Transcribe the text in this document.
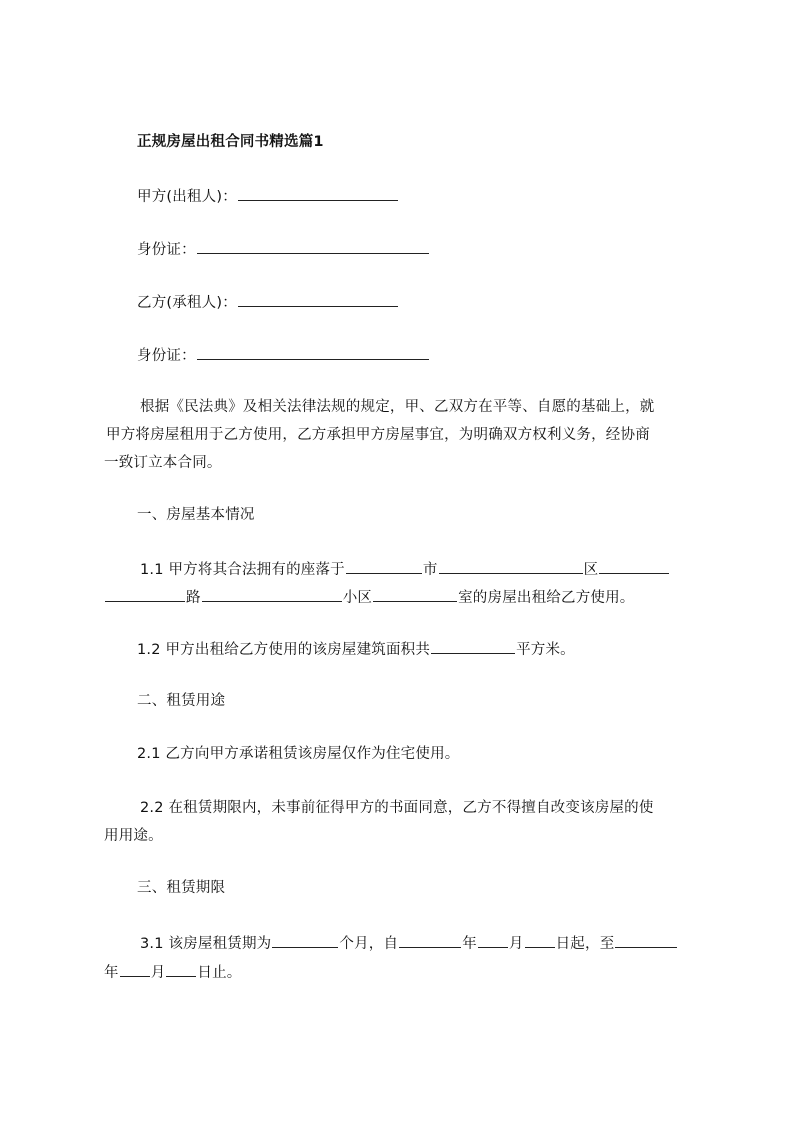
正规房屋出租合同书精选篇1
甲方(出租人)：
身份证：
乙方(承租人)：
身份证：
根据《民法典》及相关法律法规的规定，甲、乙双方在平等、自愿的基础上，就
甲方将房屋租用于乙方使用，乙方承担甲方房屋事宜，为明确双方权利义务，经协商
一致订立本合同。
一、房屋基本情况
1.1 甲方将其合法拥有的座落于	市	区
路	小区	室的房屋出租给乙方使用。
1.2 甲方出租给乙方使用的该房屋建筑面积共	平方米。
二、租赁用途
2.1 乙方向甲方承诺租赁该房屋仅作为住宅使用。
2.2 在租赁期限内，未事前征得甲方的书面同意，乙方不得擅自改变该房屋的使
用用途。
三、租赁期限
3.1 该房屋租赁期为	个月，自	年 月 日起，至
年 月 日止。
